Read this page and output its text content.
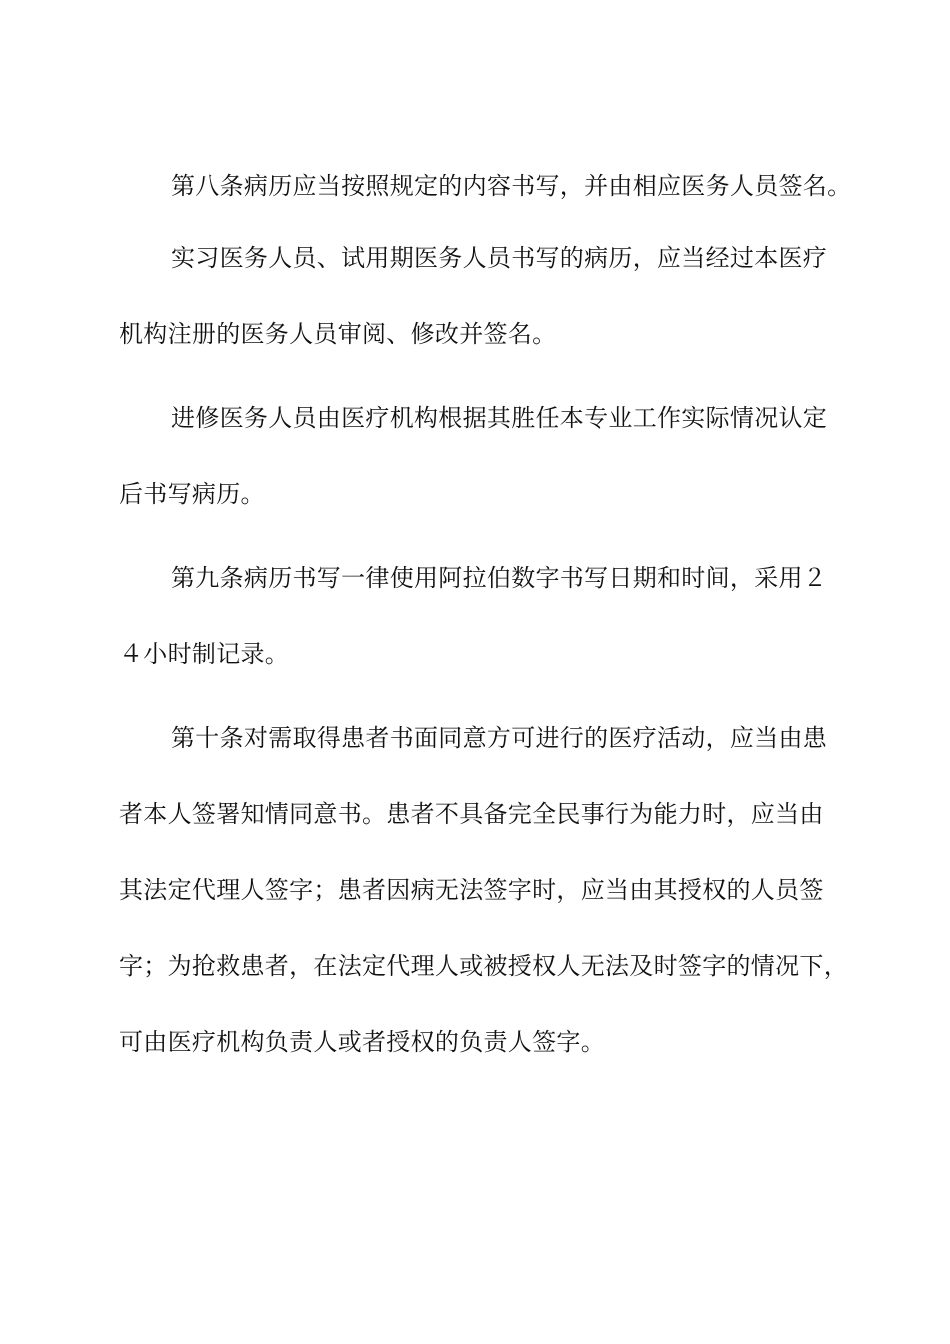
第八条病历应当按照规定的内容书写，并由相应医务人员签名。
实习医务人员、试用期医务人员书写的病历，应当经过本医疗
机构注册的医务人员审阅、修改并签名。
进修医务人员由医疗机构根据其胜任本专业工作实际情况认定
后书写病历。
第九条病历书写一律使用阿拉伯数字书写日期和时间，采用２
４小时制记录。
第十条对需取得患者书面同意方可进行的医疗活动，应当由患
者本人签署知情同意书。患者不具备完全民事行为能力时，应当由
其法定代理人签字；患者因病无法签字时，应当由其授权的人员签
字；为抢救患者，在法定代理人或被授权人无法及时签字的情况下，
可由医疗机构负责人或者授权的负责人签字。
